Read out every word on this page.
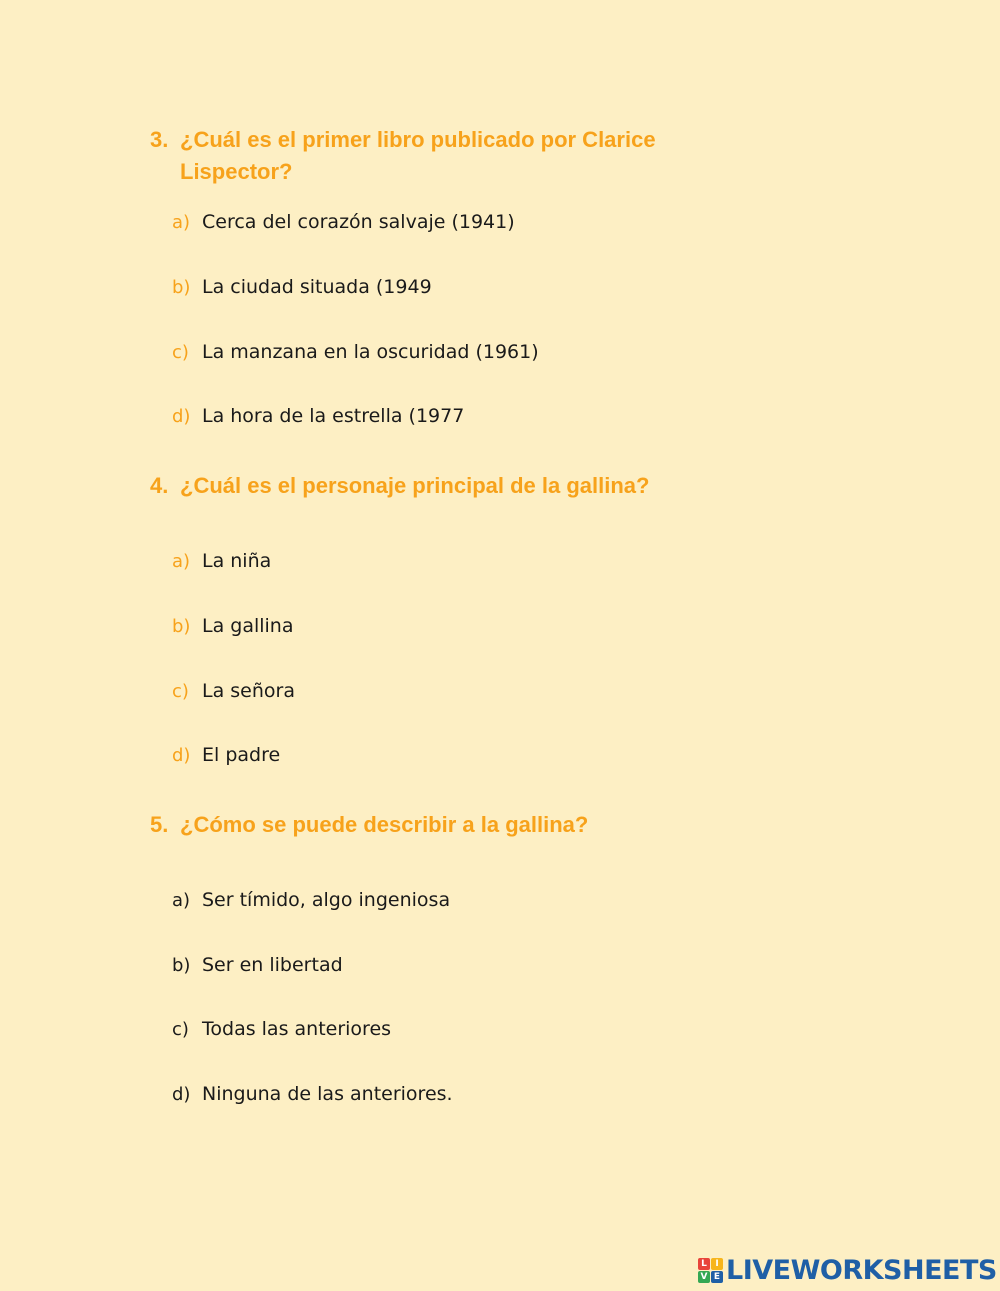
3. ¿Cuál es el primer libro publicado por Clarice
Lispector?
a) Cerca del corazón salvaje (1941)
b) La ciudad situada (1949
c) La manzana en la oscuridad (1961)
d) La hora de la estrella (1977
4. ¿Cuál es el personaje principal de la gallina?
a) La niña
b) La gallina
c) La señora
d) El padre
5. ¿Cómo se puede describir a la gallina?
a) Ser tímido, algo ingeniosa
b) Ser en libertad
c) Todas las anteriores
d) Ninguna de las anteriores.
L I
V E LIVEWORKSHEETS
